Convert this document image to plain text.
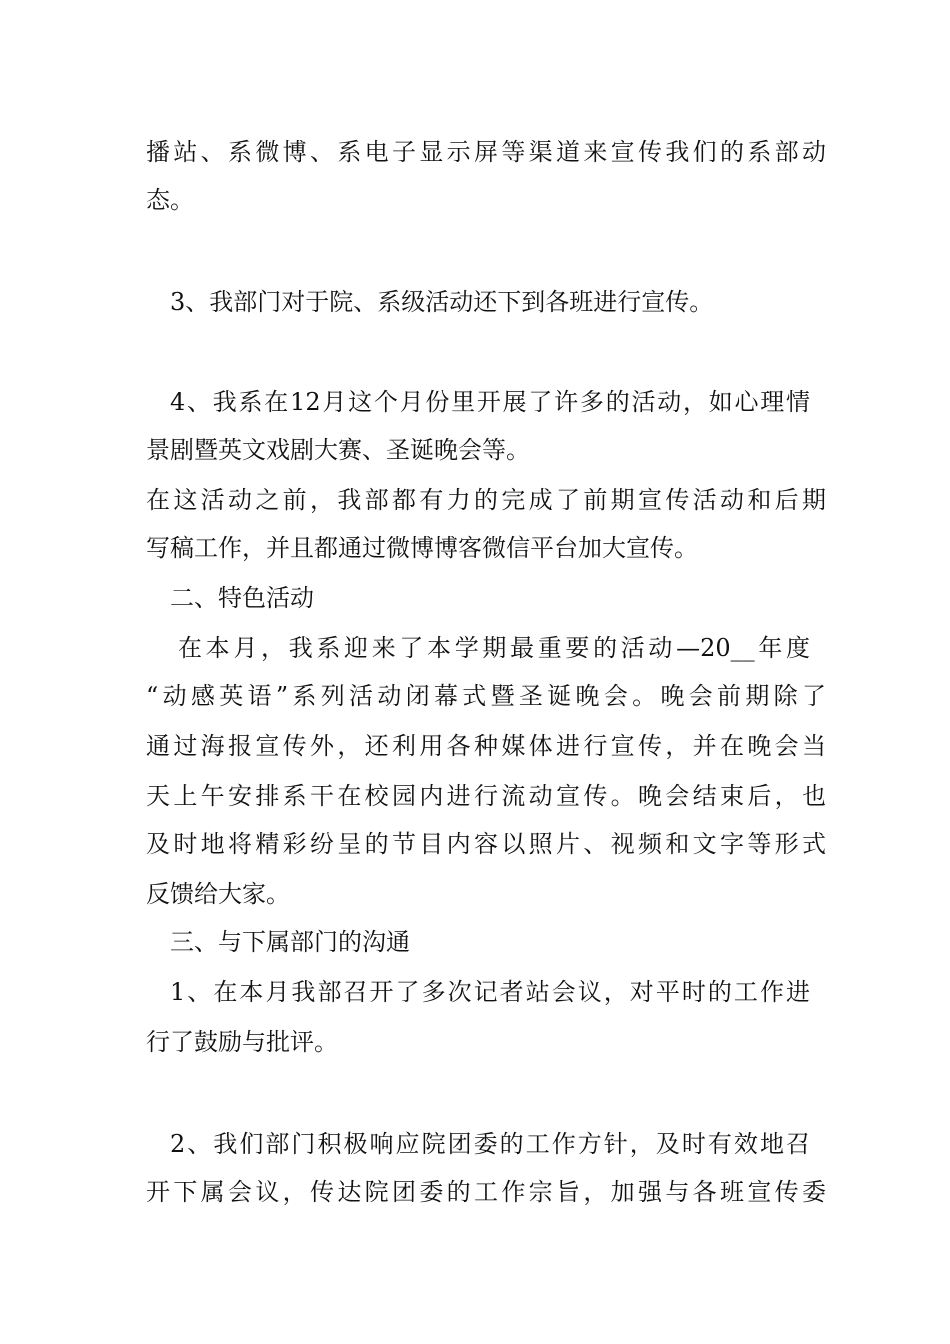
播站、系微博、系电子显示屏等渠道来宣传我们的系部动
态。
3、我部门对于院、系级活动还下到各班进行宣传。
4、我系在12月这个月份里开展了许多的活动，如心理情
景剧暨英文戏剧大赛、圣诞晚会等。
在这活动之前，我部都有力的完成了前期宣传活动和后期
写稿工作，并且都通过微博博客微信平台加大宣传。
二、特色活动
在本月，我系迎来了本学期最重要的活动—20__年度
“动感英语”系列活动闭幕式暨圣诞晚会。晚会前期除了
通过海报宣传外，还利用各种媒体进行宣传，并在晚会当
天上午安排系干在校园内进行流动宣传。晚会结束后，也
及时地将精彩纷呈的节目内容以照片、视频和文字等形式
反馈给大家。
三、与下属部门的沟通
1、在本月我部召开了多次记者站会议，对平时的工作进
行了鼓励与批评。
2、我们部门积极响应院团委的工作方针，及时有效地召
开下属会议，传达院团委的工作宗旨，加强与各班宣传委
